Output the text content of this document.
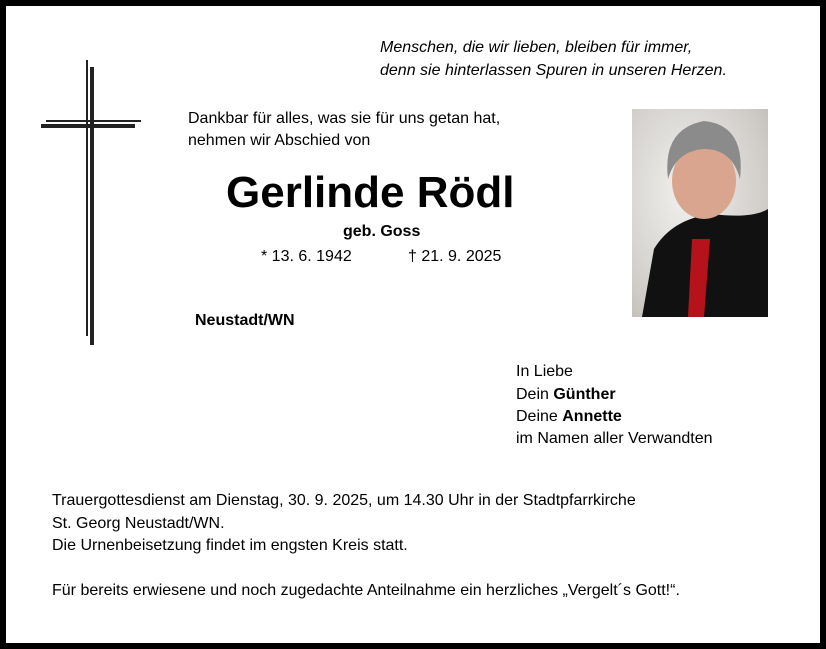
Menschen, die wir lieben, bleiben für immer,
denn sie hinterlassen Spuren in unseren Herzen.
Dankbar für alles, was sie für uns getan hat,
nehmen wir Abschied von
Gerlinde Rödl
geb. Goss
* 13. 6. 1942	† 21. 9. 2025
Neustadt/WN
In Liebe
Dein Günther
Deine Annette
im Namen aller Verwandten
Trauergottesdienst am Dienstag, 30. 9. 2025, um 14.30 Uhr in der Stadtpfarrkirche
St. Georg Neustadt/WN.
Die Urnenbeisetzung findet im engsten Kreis statt.
Für bereits erwiesene und noch zugedachte Anteilnahme ein herzliches „Vergelt´s Gott!“.
